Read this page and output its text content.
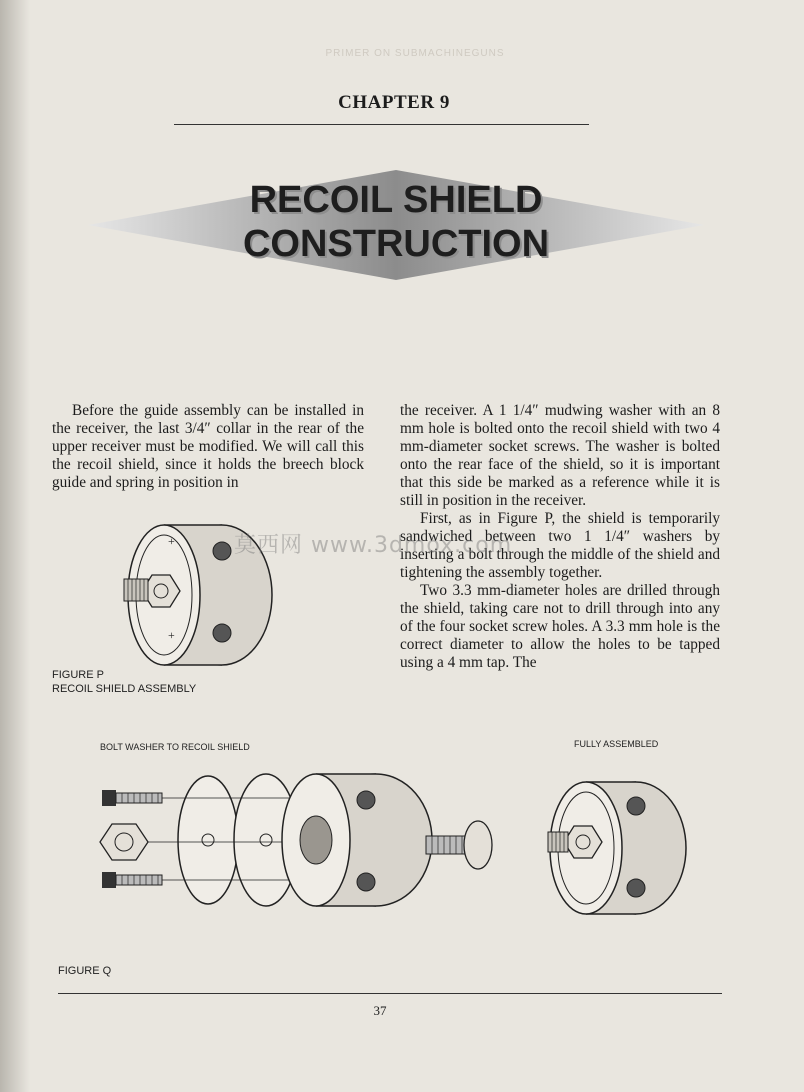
PRIMER ON SUBMACHINEGUNS
CHAPTER 9
RECOIL SHIELD
CONSTRUCTION

Before the guide assembly can be installed in the receiver, the last 3/4″ collar in the rear of the upper receiver must be modified. We will call this the recoil shield, since it holds the breech block guide and spring in position in

the receiver. A 1 1/4″ mudwing washer with an 8 mm hole is bolted onto the recoil shield with two 4 mm-diameter socket screws. The washer is bolted onto the rear face of the shield, so it is important that this side be marked as a reference while it is still in position in the receiver.

First, as in Figure P, the shield is temporarily sandwiched between two 1 1/4″ washers by inserting a bolt through the middle of the shield and tightening the assembly together.

Two 3.3 mm-diameter holes are drilled through the shield, taking care not to drill through into any of the four socket screw holes. A 3.3 mm hole is the correct diameter to allow the holes to be tapped using a 4 mm tap. The

+
+
FIGURE P
RECOIL SHIELD ASSEMBLY
BOLT WASHER TO RECOIL SHIELD	FULLY ASSEMBLED
FIGURE Q
37
莫西网 www.3dmox.com
